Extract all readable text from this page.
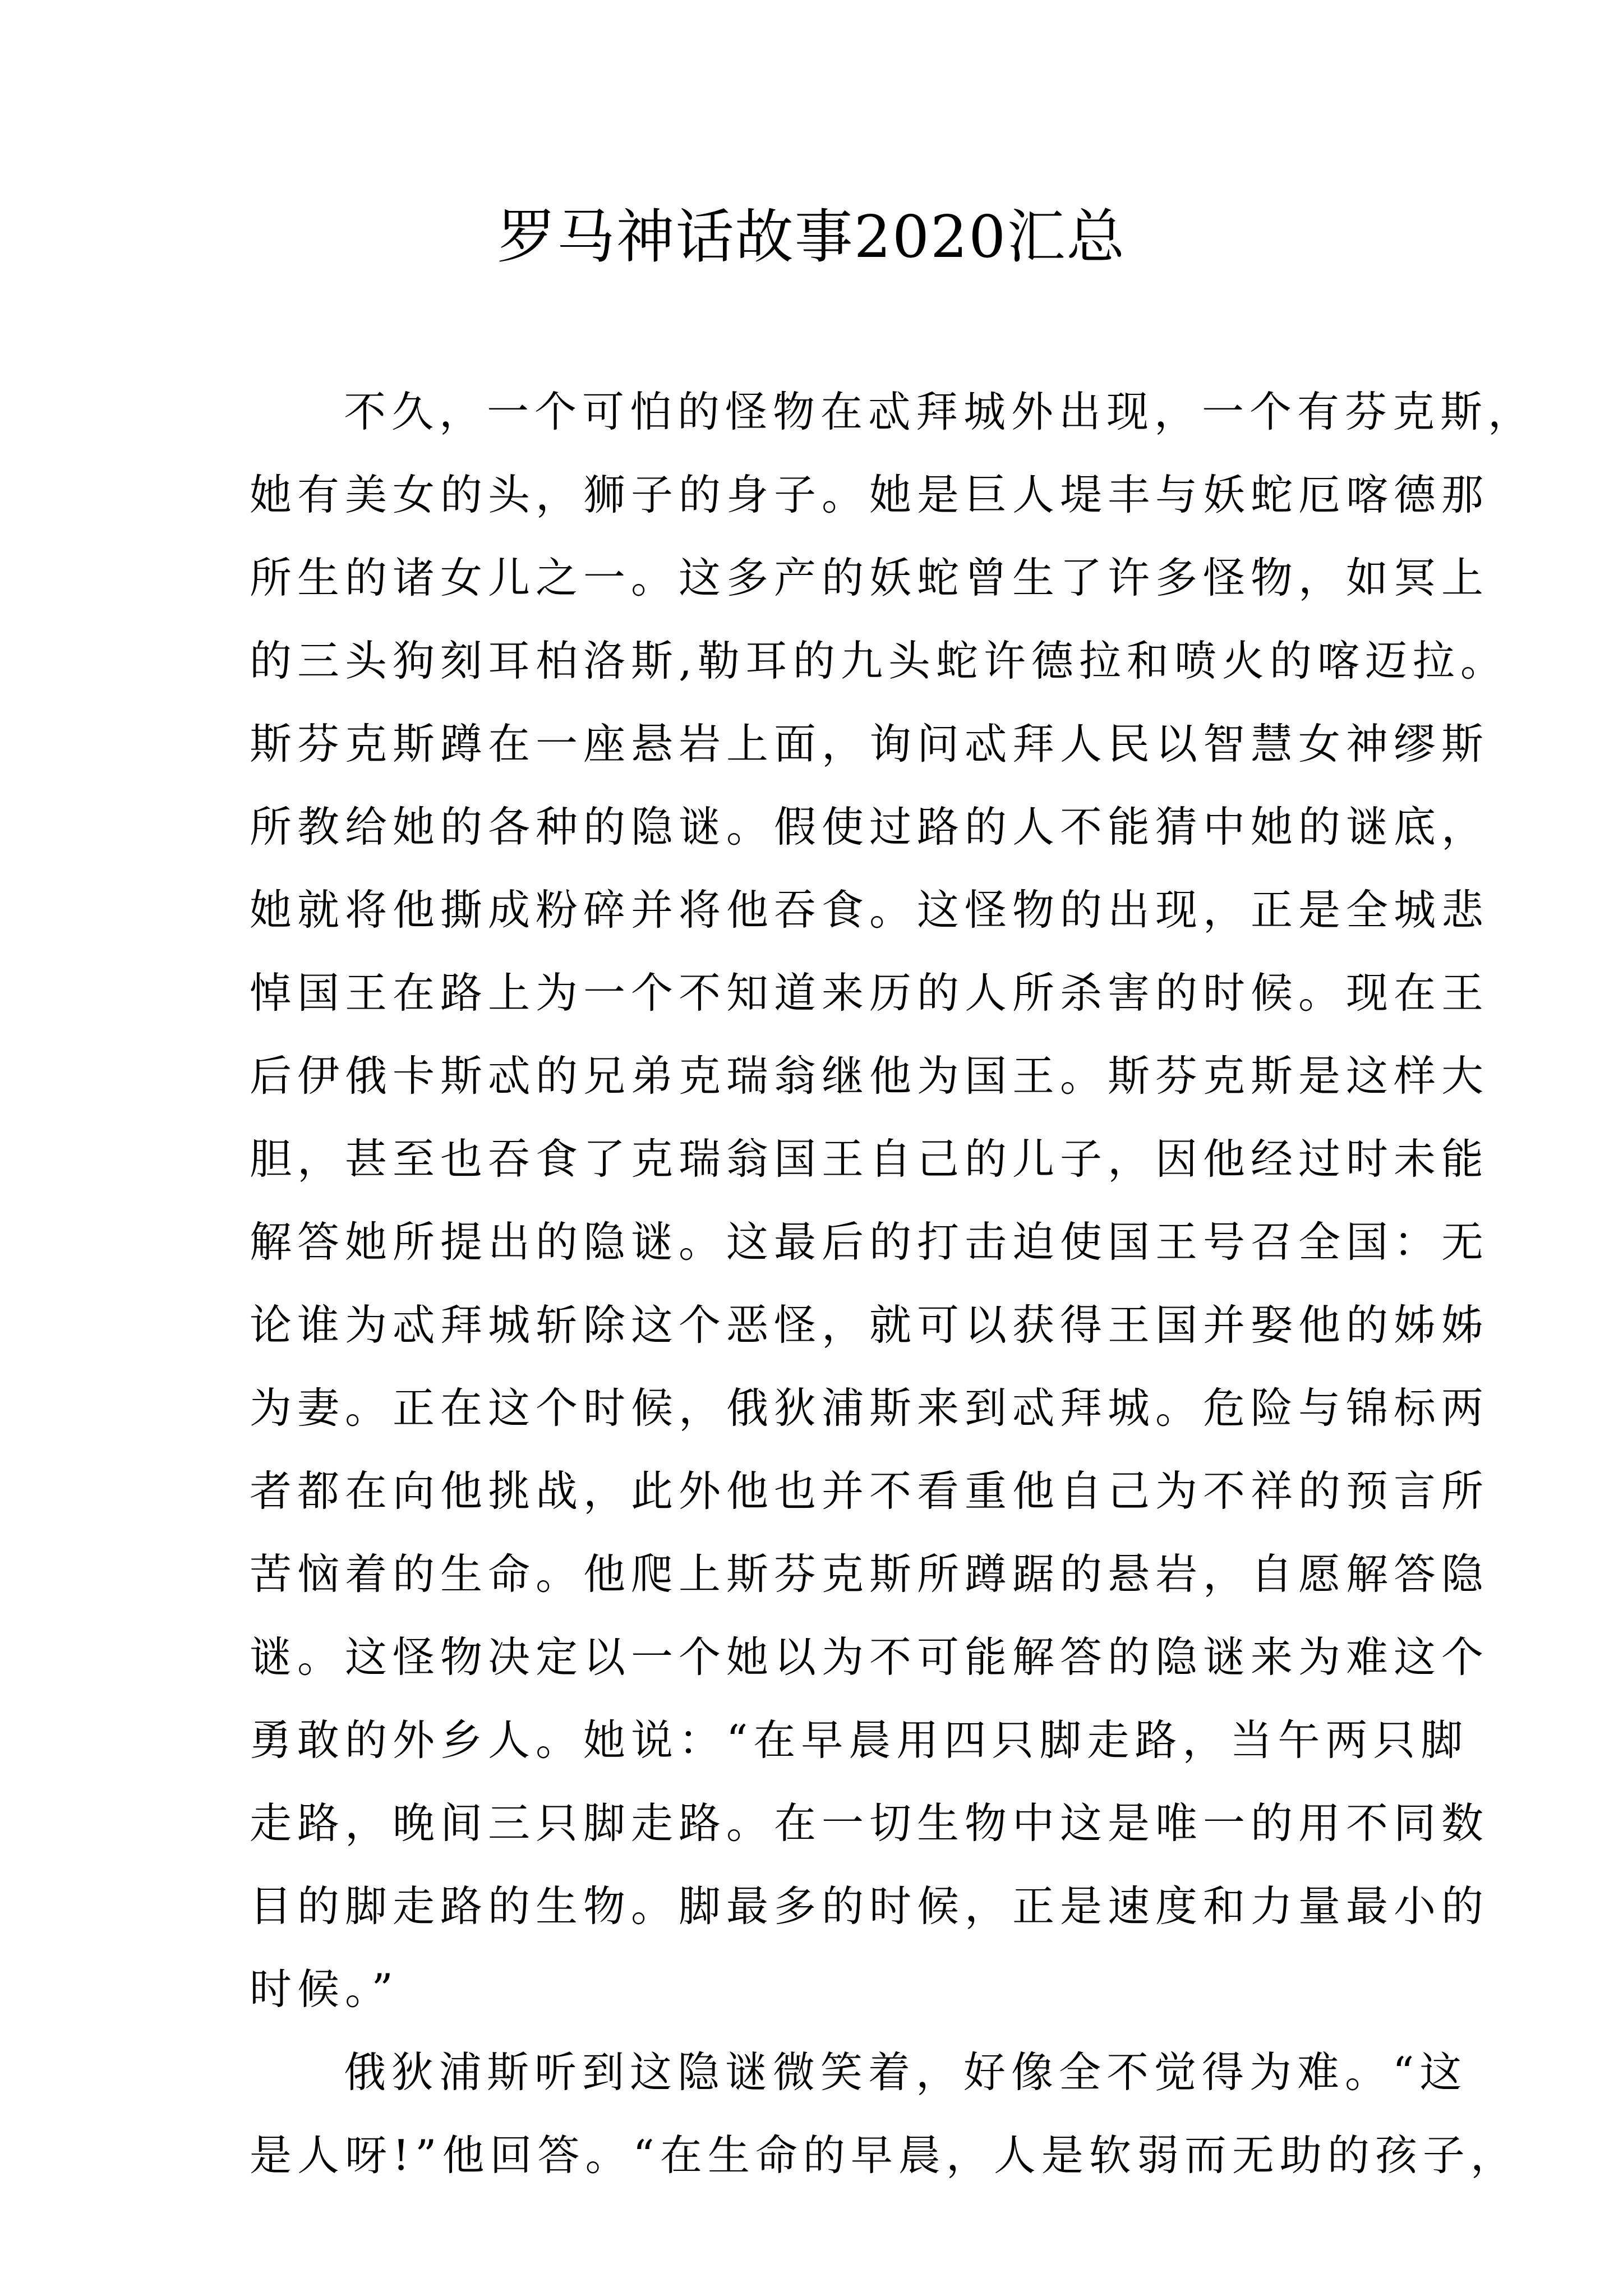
罗马神话故事2020汇总
不久，一个可怕的怪物在忒拜城外出现，一个有芬克斯，
她有美女的头，狮子的身子。她是巨人堤丰与妖蛇厄喀德那
所生的诸女儿之一。这多产的妖蛇曾生了许多怪物，如冥上
的三头狗刻耳柏洛斯,勒耳的九头蛇许德拉和喷火的喀迈拉。
斯芬克斯蹲在一座悬岩上面，询问忒拜人民以智慧女神缪斯
所教给她的各种的隐谜。假使过路的人不能猜中她的谜底，
她就将他撕成粉碎并将他吞食。这怪物的出现，正是全城悲
悼国王在路上为一个不知道来历的人所杀害的时候。现在王
后伊俄卡斯忒的兄弟克瑞翁继他为国王。斯芬克斯是这样大
胆，甚至也吞食了克瑞翁国王自己的儿子，因他经过时未能
解答她所提出的隐谜。这最后的打击迫使国王号召全国：无
论谁为忒拜城斩除这个恶怪，就可以获得王国并娶他的姊姊
为妻。正在这个时候，俄狄浦斯来到忒拜城。危险与锦标两
者都在向他挑战，此外他也并不看重他自己为不祥的预言所
苦恼着的生命。他爬上斯芬克斯所蹲踞的悬岩，自愿解答隐
谜。这怪物决定以一个她以为不可能解答的隐谜来为难这个
勇敢的外乡人。她说：“在早晨用四只脚走路，当午两只脚
走路，晚间三只脚走路。在一切生物中这是唯一的用不同数
目的脚走路的生物。脚最多的时候，正是速度和力量最小的
时候。”
俄狄浦斯听到这隐谜微笑着，好像全不觉得为难。“这
是人呀!”他回答。“在生命的早晨，人是软弱而无助的孩子，
